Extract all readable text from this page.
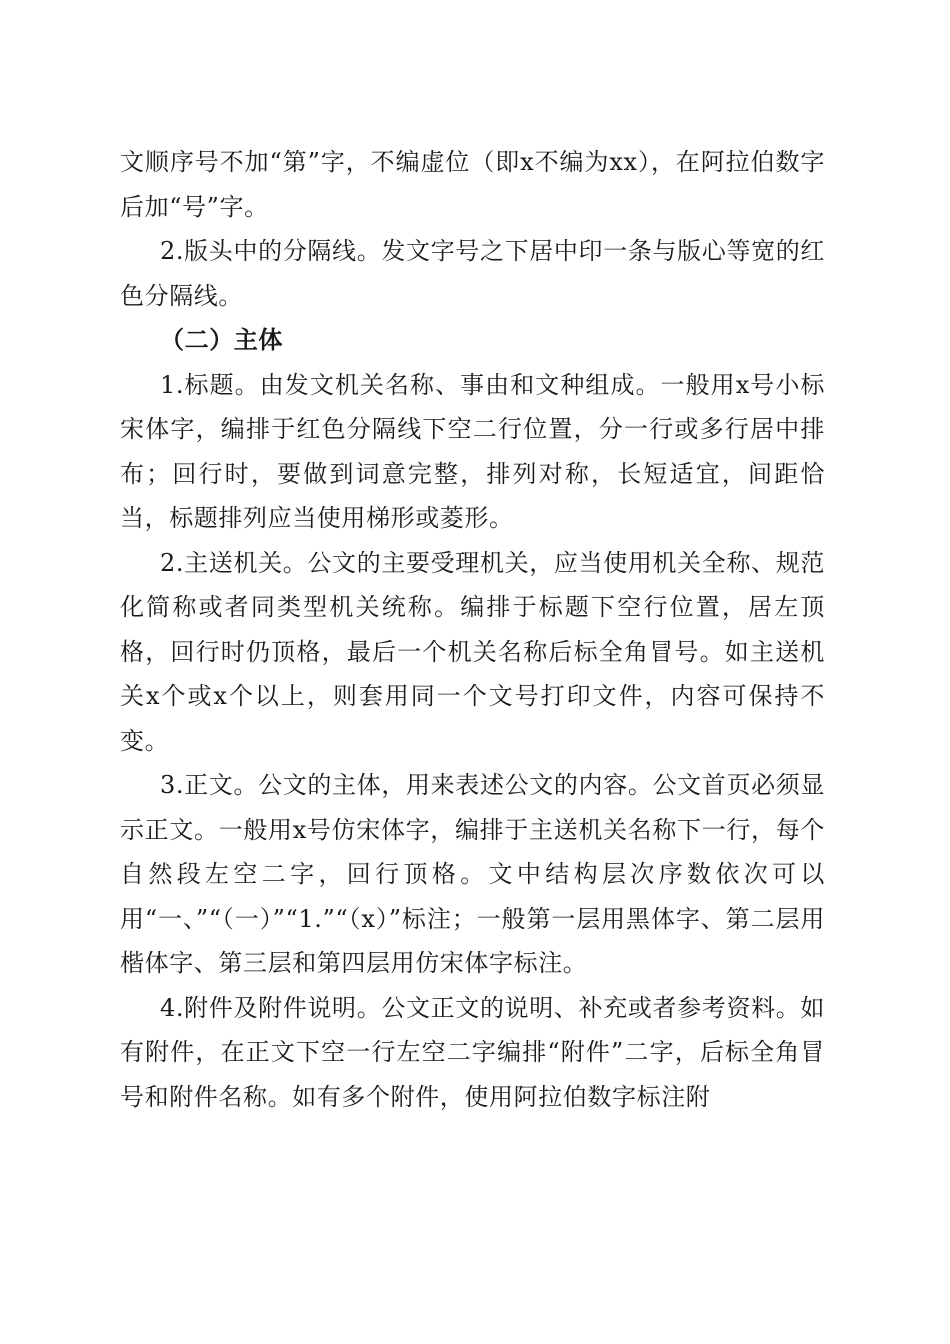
文顺序号不加“第”字，不编虚位（即x不编为xx），在阿拉伯数字后加“号”字。

2.版头中的分隔线。发文字号之下居中印一条与版心等宽的红色分隔线。

（二）主体

1.标题。由发文机关名称、事由和文种组成。一般用x号小标宋体字，编排于红色分隔线下空二行位置，分一行或多行居中排布；回行时，要做到词意完整，排列对称，长短适宜，间距恰当，标题排列应当使用梯形或菱形。

2.主送机关。公文的主要受理机关，应当使用机关全称、规范化简称或者同类型机关统称。编排于标题下空行位置，居左顶格，回行时仍顶格，最后一个机关名称后标全角冒号。如主送机关x个或x个以上，则套用同一个文号打印文件，内容可保持不变。

3.正文。公文的主体，用来表述公文的内容。公文首页必须显示正文。一般用x号仿宋体字，编排于主送机关名称下一行，每个自然段左空二字，回行顶格。文中结构层次序数依次可以用“一、”“（一）”“1.”“（x）”标注；一般第一层用黑体字、第二层用楷体字、第三层和第四层用仿宋体字标注。

4.附件及附件说明。公文正文的说明、补充或者参考资料。如有附件，在正文下空一行左空二字编排“附件”二字，后标全角冒号和附件名称。如有多个附件，使用阿拉伯数字标注附
